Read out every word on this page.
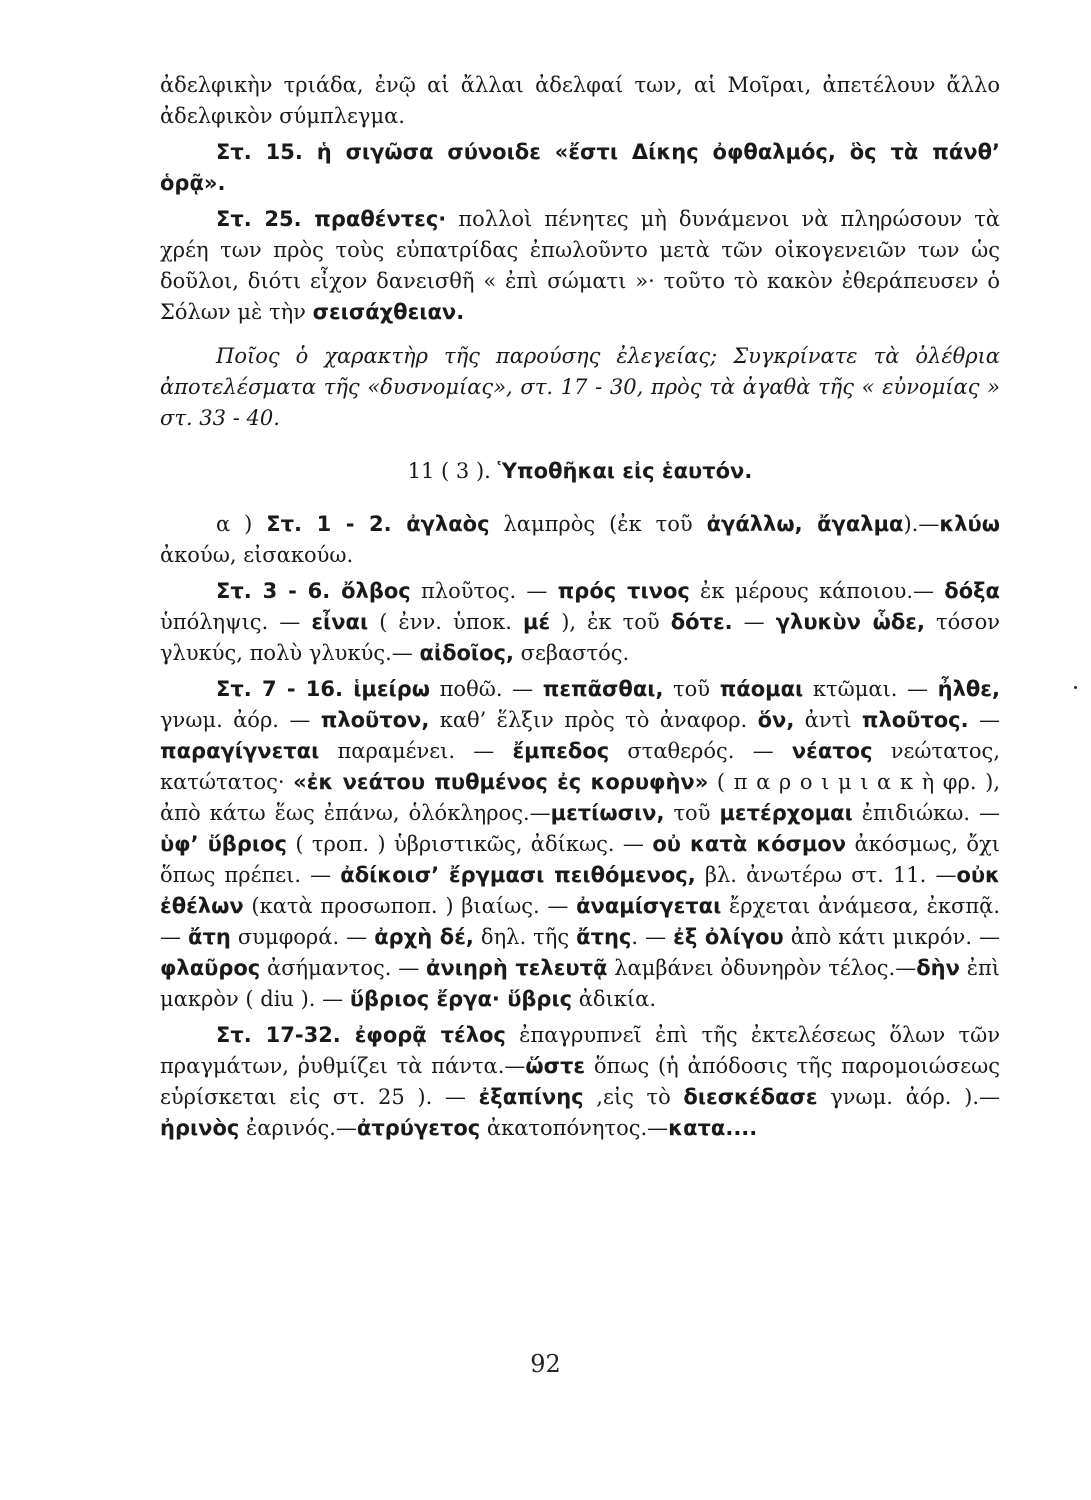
ἀδελφικὴν τριάδα, ἐνῷ αἱ ἄλλαι ἀδελφαί των, αἱ Μοῖραι, ἀπετέλουν ἄλλο ἀδελφικὸν σύμπλεγμα.

Στ. 15. ἡ σιγῶσα σύνοιδε «ἔστι Δίκης ὀφθαλμός, ὃς τὰ πάνθ’ ὁρᾷ».

Στ. 25. πραθέντες· πολλοὶ πένητες μὴ δυνάμενοι νὰ πληρώσουν τὰ χρέη των πρὸς τοὺς εὐπατρίδας ἐπωλοῦντο μετὰ τῶν οἰκογενειῶν των ὡς δοῦλοι, διότι εἶχον δανεισθῆ « ἐπὶ σώματι »· τοῦτο τὸ κακὸν ἐθεράπευσεν ὁ Σόλων μὲ τὴν σεισάχθειαν.

Ποῖος ὁ χαρακτὴρ τῆς παρούσης ἐλεγείας; Συγκρίνατε τὰ ὀλέθρια ἀποτελέσματα τῆς «δυσνομίας», στ. 17 - 30, πρὸς τὰ ἀγαθὰ τῆς « εὐνομίας » στ. 33 - 40.

11 ( 3 ). Ὑποθῆκαι εἰς ἑαυτόν.

α ) Στ. 1 - 2. ἀγλαὸς λαμπρὸς (ἐκ τοῦ ἀγάλλω, ἄγαλμα).—κλύω ἀκούω, εἰσακούω.

Στ. 3 - 6. ὄλβος πλοῦτος. — πρός τινος ἐκ μέρους κάποιου.— δόξα ὑπόληψις. — εἶναι ( ἐνν. ὑποκ. μέ ), ἐκ τοῦ δότε. — γλυκὺν ὧδε, τόσον γλυκύς, πολὺ γλυκύς.— αἰδοῖος, σεβαστός.

Στ. 7 - 16. ἱμείρω ποθῶ. — πεπᾶσθαι, τοῦ πάομαι κτῶμαι. — ἦλθε, γνωμ. ἀόρ. — πλοῦτον, καθ’ ἕλξιν πρὸς τὸ ἀναφορ. ὅν, ἀντὶ πλοῦτος. — παραγίγνεται παραμένει. — ἔμπεδος σταθερός. — νέατος νεώτατος, κατώτατος· «ἐκ νεάτου πυθμένος ἐς κορυφὴν» ( π α ρ ο ι μ ι α κ ὴ φρ. ), ἀπὸ κάτω ἕως ἐπάνω, ὁλόκληρος.—μετίωσιν, τοῦ μετέρχομαι ἐπιδιώκω. — ὑφ’ ὕβριος ( τροπ. ) ὑβριστικῶς, ἀδίκως. — οὐ κατὰ κόσμον ἀκόσμως, ὄχι ὅπως πρέπει. — ἀδίκοισ’ ἔργμασι πειθόμενος, βλ. ἀνωτέρω στ. 11. —οὐκ ἐθέλων (κατὰ προσωποπ. ) βιαίως. — ἀναμίσγεται ἔρχεται ἀνάμεσα, ἐκσπᾷ. — ἄτη συμφορά. — ἀρχὴ δέ, δηλ. τῆς ἄτης. — ἐξ ὀλίγου ἀπὸ κάτι μικρόν. — φλαῦρος ἀσήμαντος. — ἀνιηρὴ τελευτᾷ λαμβάνει ὀδυνηρὸν τέλος.—δὴν ἐπὶ μακρὸν ( diu ). — ὕβριος ἔργα· ὕβρις ἀδικία.

Στ. 17-32. ἐφορᾷ τέλος ἐπαγρυπνεῖ ἐπὶ τῆς ἐκτελέσεως ὅλων τῶν πραγμάτων, ῥυθμίζει τὰ πάντα.—ὥστε ὅπως (ἡ ἀπόδοσις τῆς παρομοιώσεως εὑρίσκεται εἰς στ. 25 ). — ἐξαπίνης ,εἰς τὸ διεσκέδασε γνωμ. ἀόρ. ).—ἠρινὸς ἐαρινός.—ἀτρύγετος ἀκατοπόνητος.—κατα....

92
